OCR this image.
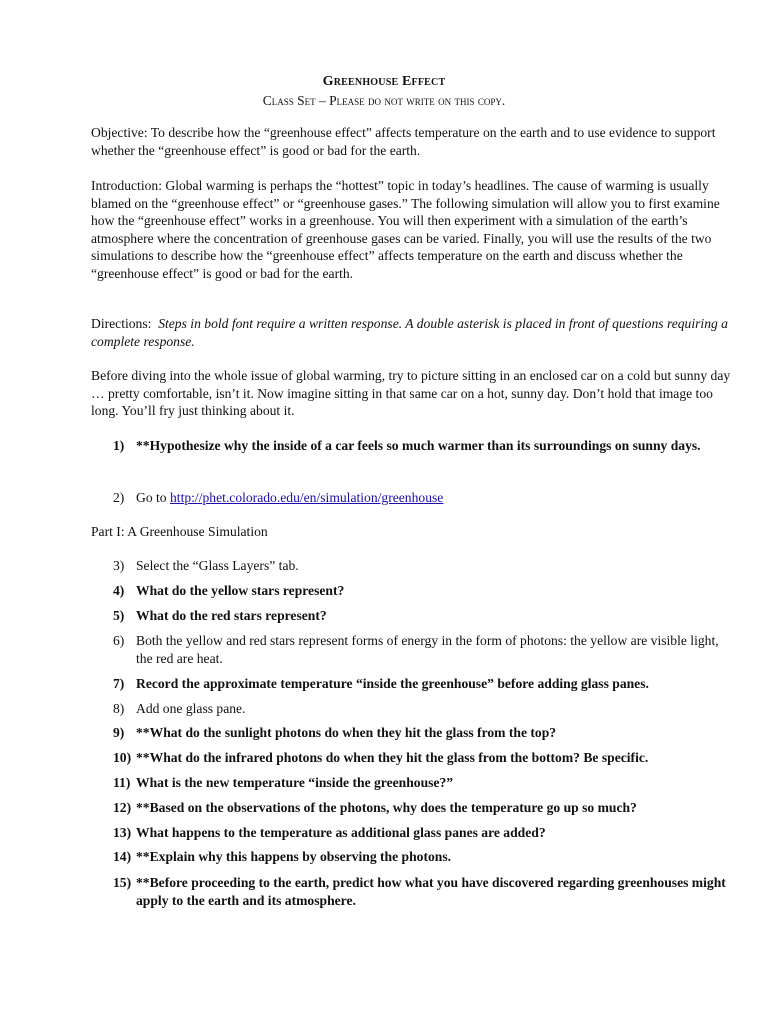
Greenhouse Effect
Class Set – Please do not write on this copy.

Objective: To describe how the “greenhouse effect” affects temperature on the earth and to use evidence to support whether the “greenhouse effect” is good or bad for the earth.

Introduction: Global warming is perhaps the “hottest” topic in today’s headlines. The cause of warming is usually blamed on the “greenhouse effect” or “greenhouse gases.” The following simulation will allow you to first examine how the “greenhouse effect” works in a greenhouse. You will then experiment with a simulation of the earth’s atmosphere where the concentration of greenhouse gases can be varied. Finally, you will use the results of the two simulations to describe how the “greenhouse effect” affects temperature on the earth and discuss whether the “greenhouse effect” is good or bad for the earth.

Directions: Steps in bold font require a written response. A double asterisk is placed in front of questions requiring a complete response.

Before diving into the whole issue of global warming, try to picture sitting in an enclosed car on a cold but sunny day … pretty comfortable, isn’t it. Now imagine sitting in that same car on a hot, sunny day. Don’t hold that image too long. You’ll fry just thinking about it.

1) **Hypothesize why the inside of a car feels so much warmer than its surroundings on sunny days.
2) Go to http://phet.colorado.edu/en/simulation/greenhouse
Part I: A Greenhouse Simulation
3) Select the “Glass Layers” tab.
4) What do the yellow stars represent?
5) What do the red stars represent?
6) Both the yellow and red stars represent forms of energy in the form of photons: the yellow are visible light, the red are heat.
7) Record the approximate temperature “inside the greenhouse” before adding glass panes.
8) Add one glass pane.
9) **What do the sunlight photons do when they hit the glass from the top?
10) **What do the infrared photons do when they hit the glass from the bottom? Be specific.
11) What is the new temperature “inside the greenhouse?”
12) **Based on the observations of the photons, why does the temperature go up so much?
13) What happens to the temperature as additional glass panes are added?
14) **Explain why this happens by observing the photons.
15) **Before proceeding to the earth, predict how what you have discovered regarding greenhouses might apply to the earth and its atmosphere.
